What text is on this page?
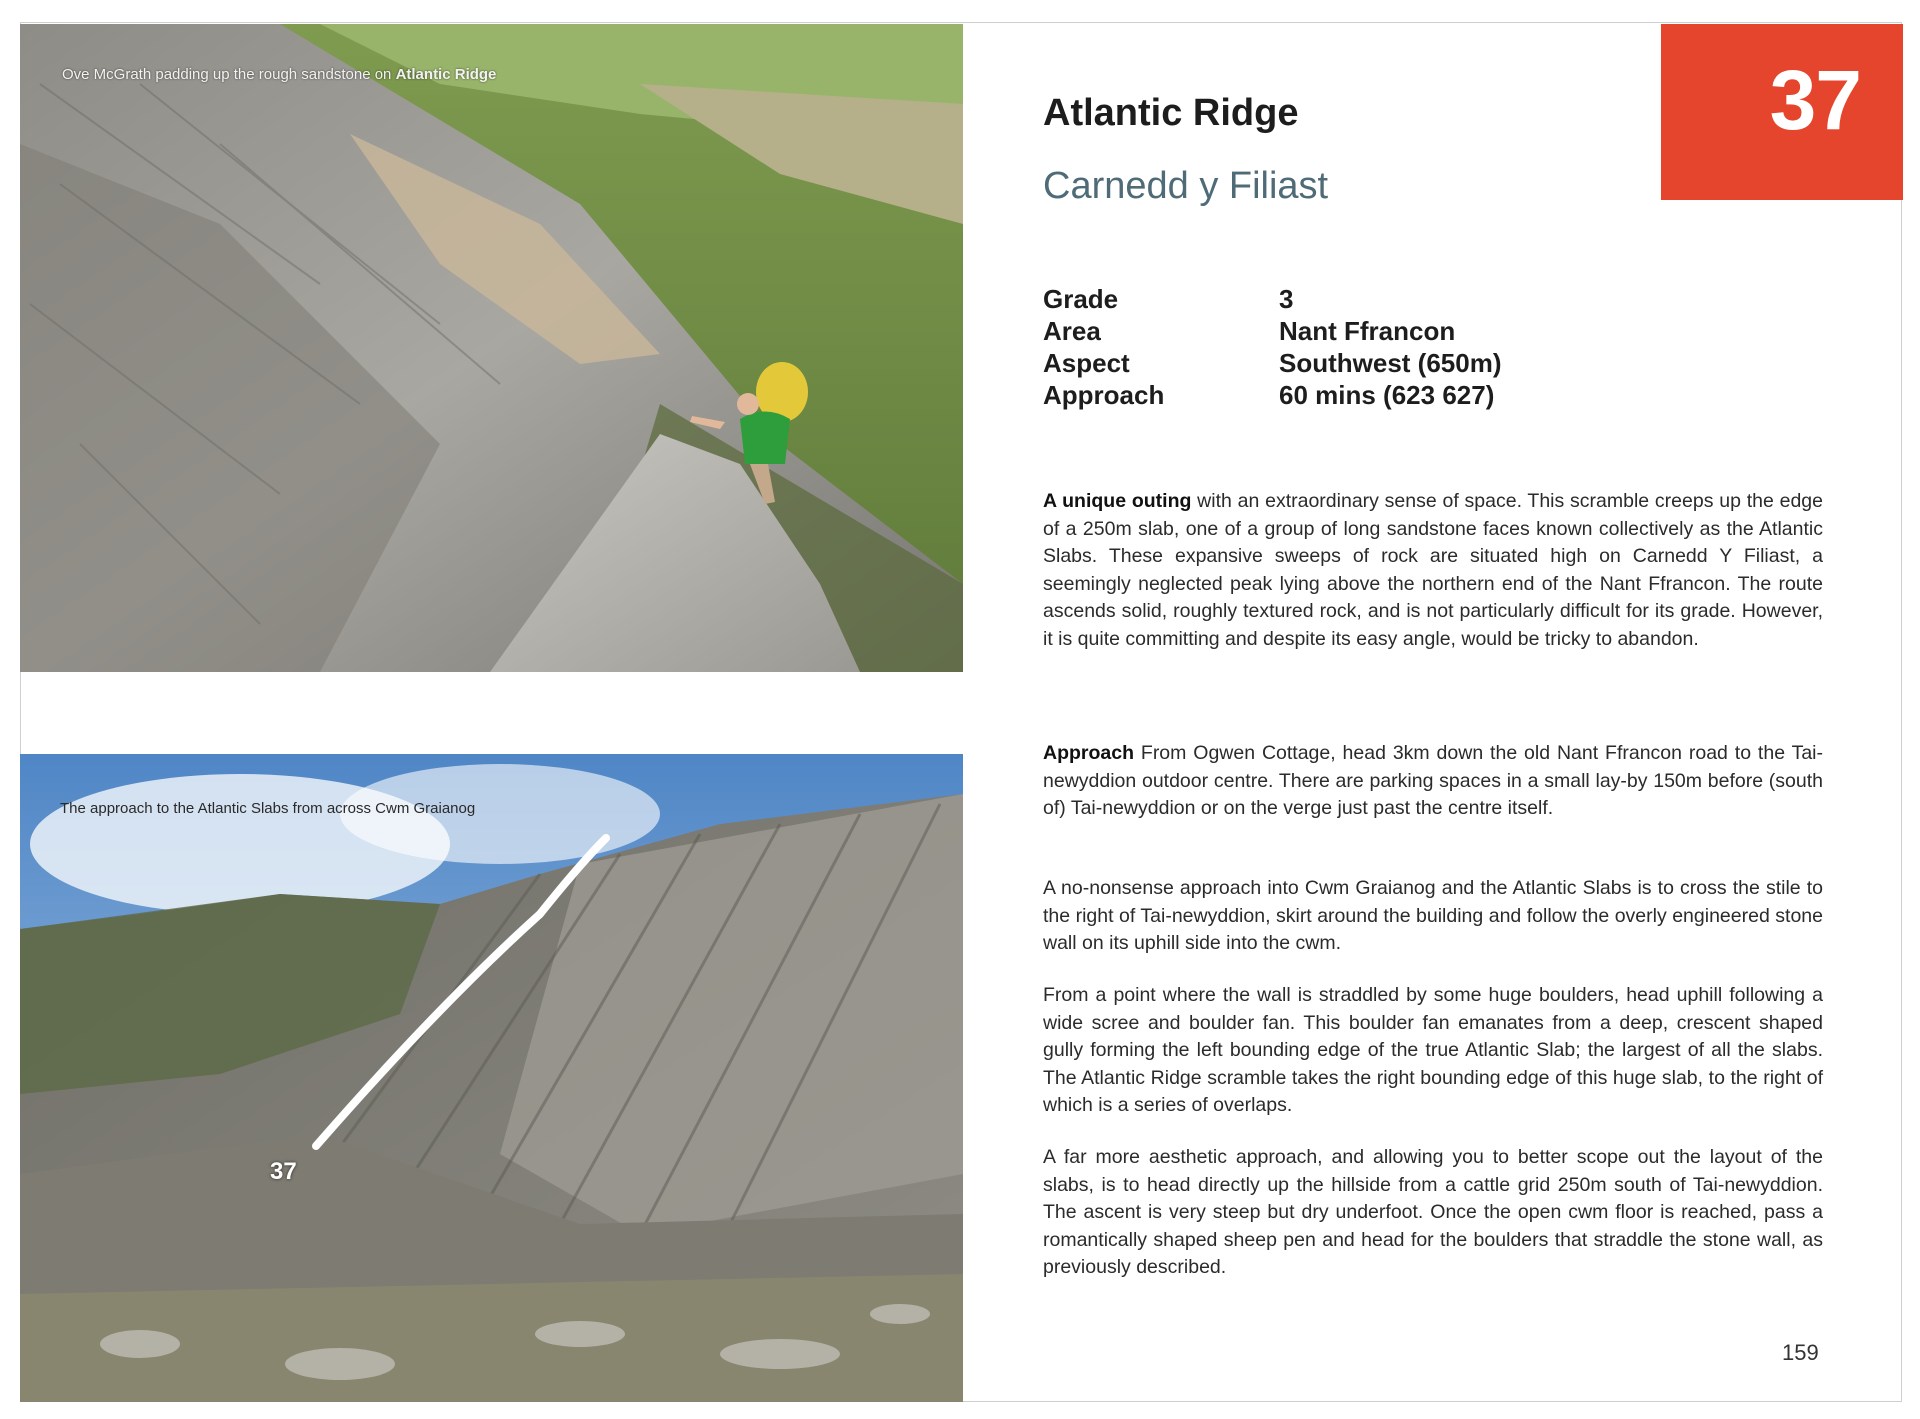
Ove McGrath padding up the rough sandstone on Atlantic Ridge
The approach to the Atlantic Slabs from across Cwm Graianog
37
37
Atlantic Ridge
Carnedd y Filiast
Grade	3
Area	Nant Ffrancon
Aspect	Southwest (650m)
Approach	60 mins (623 627)
A unique outing with an extraordinary sense of space. This scramble creeps up the edge of a 250m slab, one of a group of long sandstone faces known collectively as the Atlantic Slabs. These expansive sweeps of rock are situated high on Carnedd Y Filiast, a seemingly neglected peak lying above the northern end of the Nant Ffrancon. The route ascends solid, roughly textured rock, and is not particularly difficult for its grade. However, it is quite committing and despite its easy angle, would be tricky to abandon.
Approach From Ogwen Cottage, head 3km down the old Nant Ffrancon road to the Tai-newyddion outdoor centre. There are parking spaces in a small lay-by 150m before (south of) Tai-newyddion or on the verge just past the centre itself.
A no-nonsense approach into Cwm Graianog and the Atlantic Slabs is to cross the stile to the right of Tai-newyddion, skirt around the building and follow the overly engineered stone wall on its uphill side into the cwm.
From a point where the wall is straddled by some huge boulders, head uphill following a wide scree and boulder fan. This boulder fan emanates from a deep, crescent shaped gully forming the left bounding edge of the true Atlantic Slab; the largest of all the slabs. The Atlantic Ridge scramble takes the right bounding edge of this huge slab, to the right of which is a series of overlaps.
A far more aesthetic approach, and allowing you to better scope out the layout of the slabs, is to head directly up the hillside from a cattle grid 250m south of Tai-newyddion. The ascent is very steep but dry underfoot. Once the open cwm floor is reached, pass a romantically shaped sheep pen and head for the boulders that straddle the stone wall, as previously described.
159
